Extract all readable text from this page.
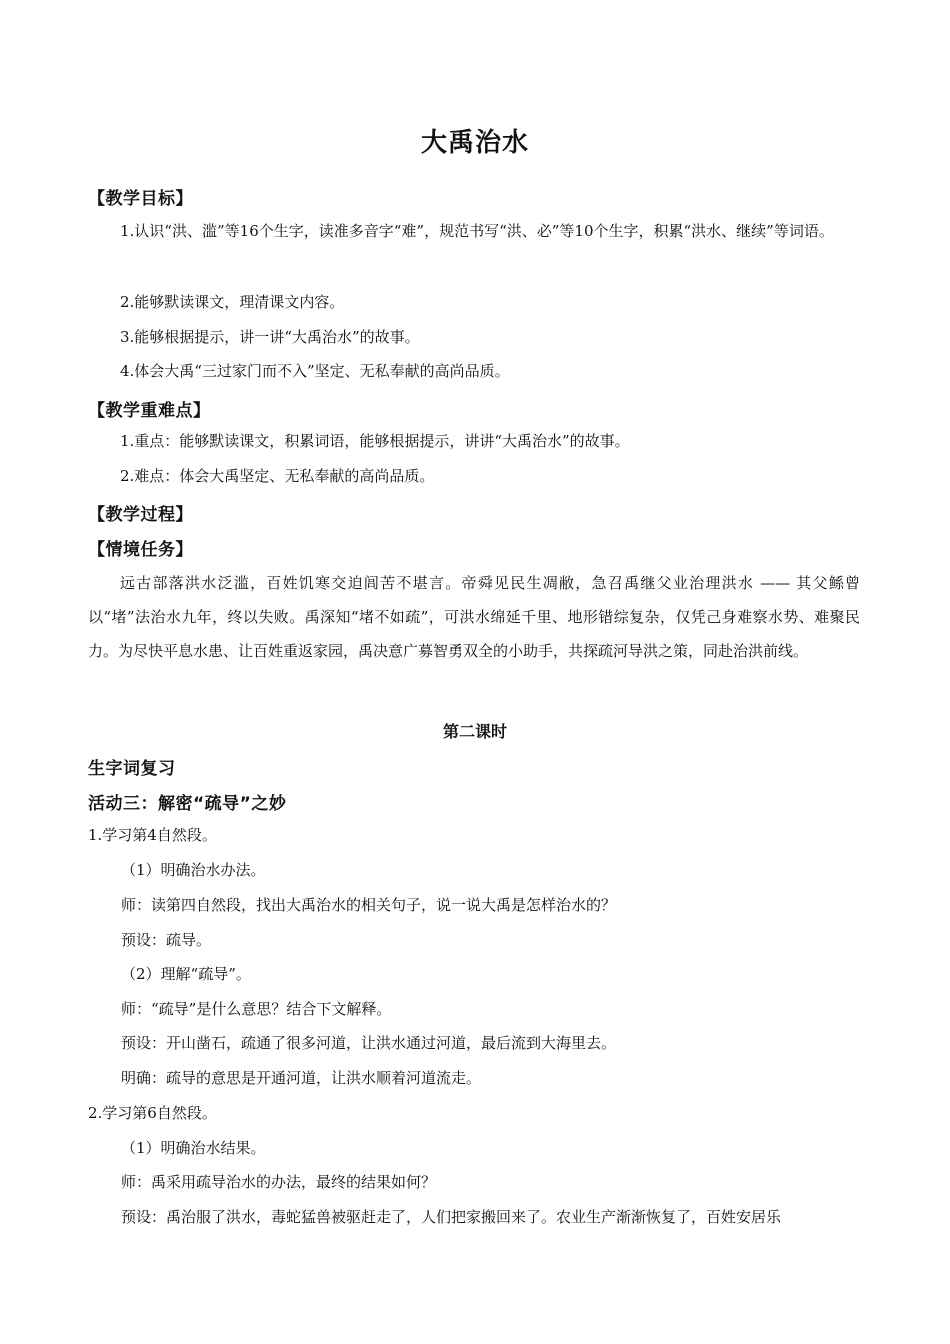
大禹治水
【教学目标】
1.认识“洪、滥”等16个生字，读准多音字“难”，规范书写“洪、必”等10个生字，积累“洪水、继续”等词语。
2.能够默读课文，理清课文内容。
3.能够根据提示，讲一讲“大禹治水”的故事。
4.体会大禹“三过家门而不入”坚定、无私奉献的高尚品质。
【教学重难点】
1.重点：能够默读课文，积累词语，能够根据提示，讲讲“大禹治水”的故事。
2.难点：体会大禹坚定、无私奉献的高尚品质。
【教学过程】
【情境任务】
远古部落洪水泛滥，百姓饥寒交迫闾苦不堪言。帝舜见民生凋敝，急召禹继父业治理洪水 —— 其父鲧曾以“堵”法治水九年，终以失败。禹深知“堵不如疏”，可洪水绵延千里、地形错综复杂，仅凭己身难察水势、难聚民力。为尽快平息水患、让百姓重返家园，禹决意广募智勇双全的小助手，共探疏河导洪之策，同赴治洪前线。
第二课时
生字词复习
活动三：解密“疏导”之妙
1.学习第4自然段。
（1）明确治水办法。
师：读第四自然段，找出大禹治水的相关句子，说一说大禹是怎样治水的？
预设：疏导。
（2）理解“疏导”。
师：“疏导”是什么意思？结合下文解释。
预设：开山凿石，疏通了很多河道，让洪水通过河道，最后流到大海里去。
明确：疏导的意思是开通河道，让洪水顺着河道流走。
2.学习第6自然段。
（1）明确治水结果。
师：禹采用疏导治水的办法，最终的结果如何？
预设：禹治服了洪水，毒蛇猛兽被驱赶走了，人们把家搬回来了。农业生产渐渐恢复了，百姓安居乐
